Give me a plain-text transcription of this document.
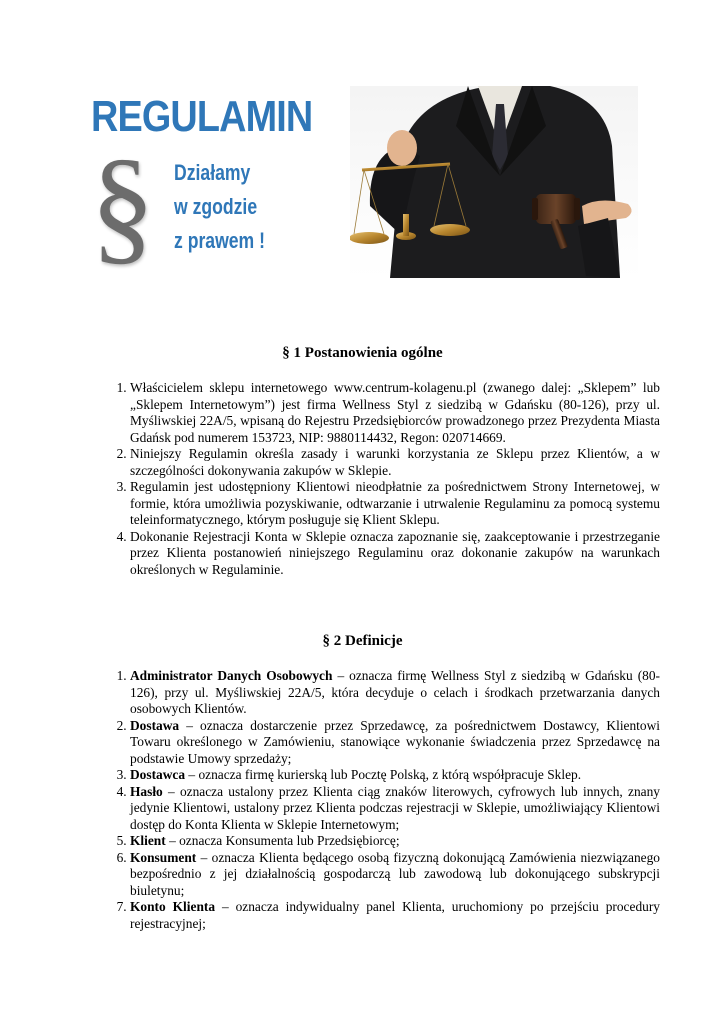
REGULAMIN
§ Działamy
w zgodzie
z prawem !
§ 1 Postanowienia ogólne
1. Właścicielem sklepu internetowego www.centrum-kolagenu.pl (zwanego dalej: „Sklepem” lub „Sklepem Internetowym”) jest firma Wellness Styl z siedzibą w Gdańsku (80-126), przy ul. Myśliwskiej 22A/5, wpisaną do Rejestru Przedsiębiorców prowadzonego przez Prezydenta Miasta Gdańsk pod numerem 153723, NIP: 9880114432, Regon: 020714669.
2. Niniejszy Regulamin określa zasady i warunki korzystania ze Sklepu przez Klientów, a w szczególności dokonywania zakupów w Sklepie.
3. Regulamin jest udostępniony Klientowi nieodpłatnie za pośrednictwem Strony Internetowej, w formie, która umożliwia pozyskiwanie, odtwarzanie i utrwalenie Regulaminu za pomocą systemu teleinformatycznego, którym posługuje się Klient Sklepu.
4. Dokonanie Rejestracji Konta w Sklepie oznacza zapoznanie się, zaakceptowanie i przestrzeganie przez Klienta postanowień niniejszego Regulaminu oraz dokonanie zakupów na warunkach określonych w Regulaminie.
§ 2 Definicje
1. Administrator Danych Osobowych – oznacza firmę Wellness Styl z siedzibą w Gdańsku (80-126), przy ul. Myśliwskiej 22A/5, która decyduje o celach i środkach przetwarzania danych osobowych Klientów.
2. Dostawa – oznacza dostarczenie przez Sprzedawcę, za pośrednictwem Dostawcy, Klientowi Towaru określonego w Zamówieniu, stanowiące wykonanie świadczenia przez Sprzedawcę na podstawie Umowy sprzedaży;
3. Dostawca – oznacza firmę kurierską lub Pocztę Polską, z którą współpracuje Sklep.
4. Hasło – oznacza ustalony przez Klienta ciąg znaków literowych, cyfrowych lub innych, znany jedynie Klientowi, ustalony przez Klienta podczas rejestracji w Sklepie, umożliwiający Klientowi dostęp do Konta Klienta w Sklepie Internetowym;
5. Klient – oznacza Konsumenta lub Przedsiębiorcę;
6. Konsument – oznacza Klienta będącego osobą fizyczną dokonującą Zamówienia niezwiązanego bezpośrednio z jej działalnością gospodarczą lub zawodową lub dokonującego subskrypcji biuletynu;
7. Konto Klienta – oznacza indywidualny panel Klienta, uruchomiony po przejściu procedury rejestracyjnej;
